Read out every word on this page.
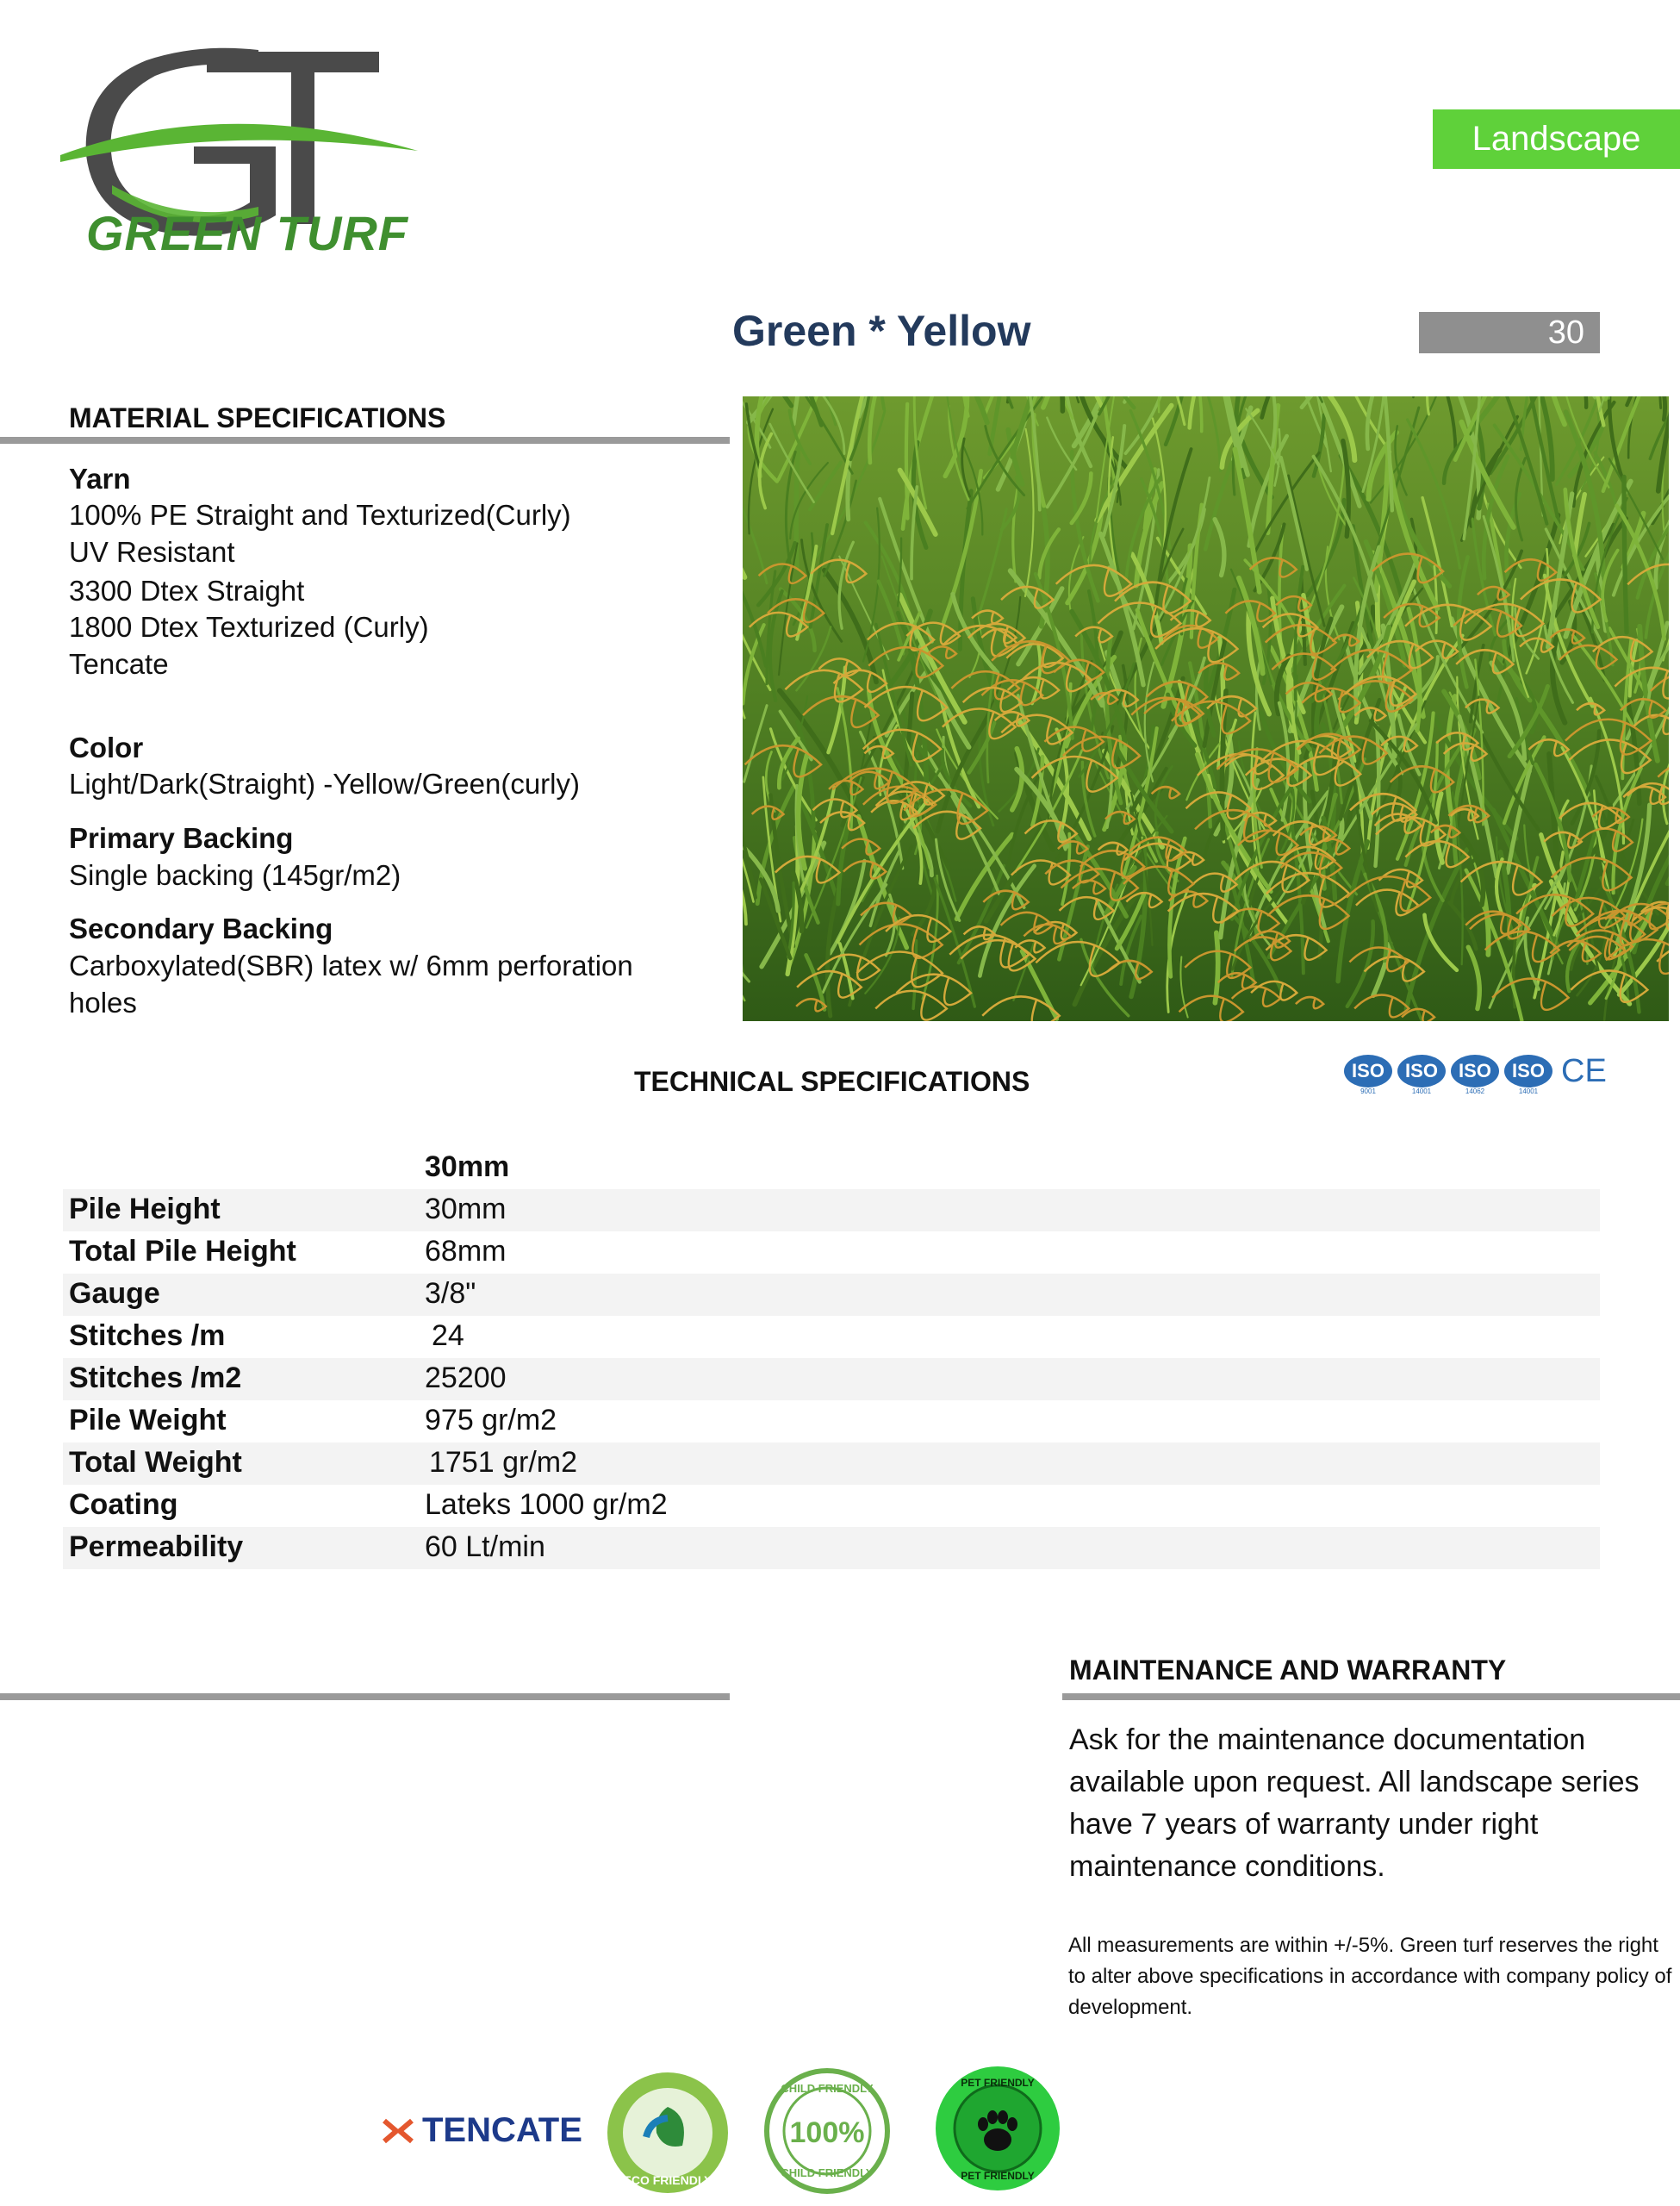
GREEN TURF
Landscape
Green * Yellow	30
MATERIAL SPECIFICATIONS
Yarn
100% PE Straight and Texturized(Curly)
UV Resistant
3300 Dtex Straight
1800 Dtex Texturized (Curly)
Tencate
Color
Light/Dark(Straight) -Yellow/Green(curly)
Primary Backing
Single backing (145gr/m2)
Secondary Backing
Carboxylated(SBR) latex w/ 6mm perforation
holes
ISO
9001
ISO
14001
ISO
14062
ISO
14001
CE
TECHNICAL SPECIFICATIONS
30mm
Pile Height	30mm
Total Pile Height	68mm
Gauge	3/8"
Stitches /m	24
Stitches /m2	25200
Pile Weight	975 gr/m2
Total Weight	1751 gr/m2
Coating	Lateks 1000 gr/m2
Permeability	60 Lt/min
MAINTENANCE AND WARRANTY
Ask for the maintenance documentation available upon request. All landscape series have 7 years of warranty under right maintenance conditions.
All measurements are within +/-5%. Green turf reserves the right to alter above specifications in accordance with company policy of development.
TENCATE
ECO FRIENDLY
CHILD FRIENDLY
100%
CHILD FRIENDLY
PET FRIENDLY
PET FRIENDLY
